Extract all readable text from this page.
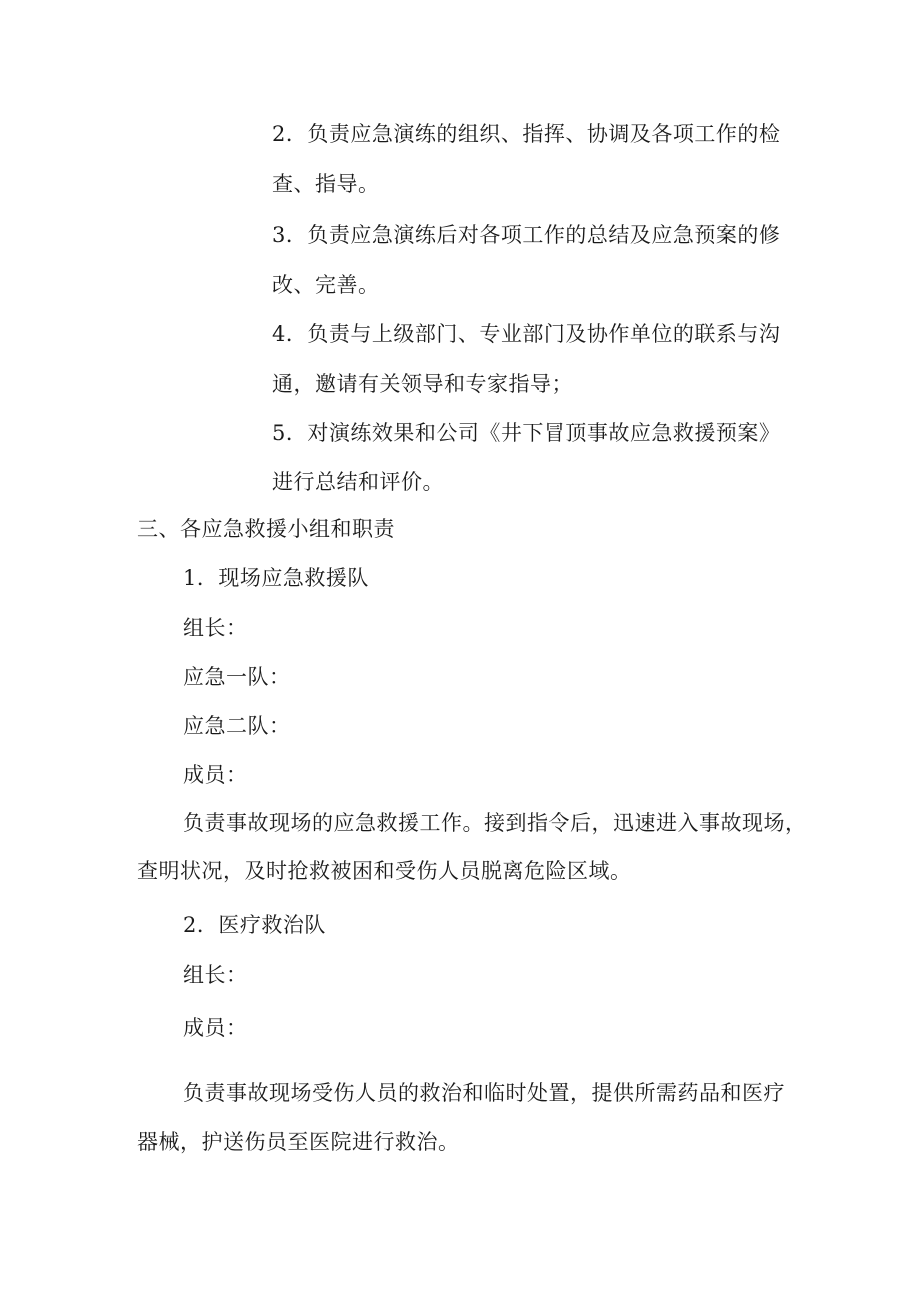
2．负责应急演练的组织、指挥、协调及各项工作的检
查、指导。
3．负责应急演练后对各项工作的总结及应急预案的修
改、完善。
4．负责与上级部门、专业部门及协作单位的联系与沟
通，邀请有关领导和专家指导；
5．对演练效果和公司《井下冒顶事故应急救援预案》
进行总结和评价。
三、各应急救援小组和职责
1．现场应急救援队
组长：
应急一队：
应急二队：
成员：
负责事故现场的应急救援工作。接到指令后，迅速进入事故现场，
查明状况，及时抢救被困和受伤人员脱离危险区域。
2．医疗救治队
组长：
成员：
负责事故现场受伤人员的救治和临时处置，提供所需药品和医疗
器械，护送伤员至医院进行救治。
